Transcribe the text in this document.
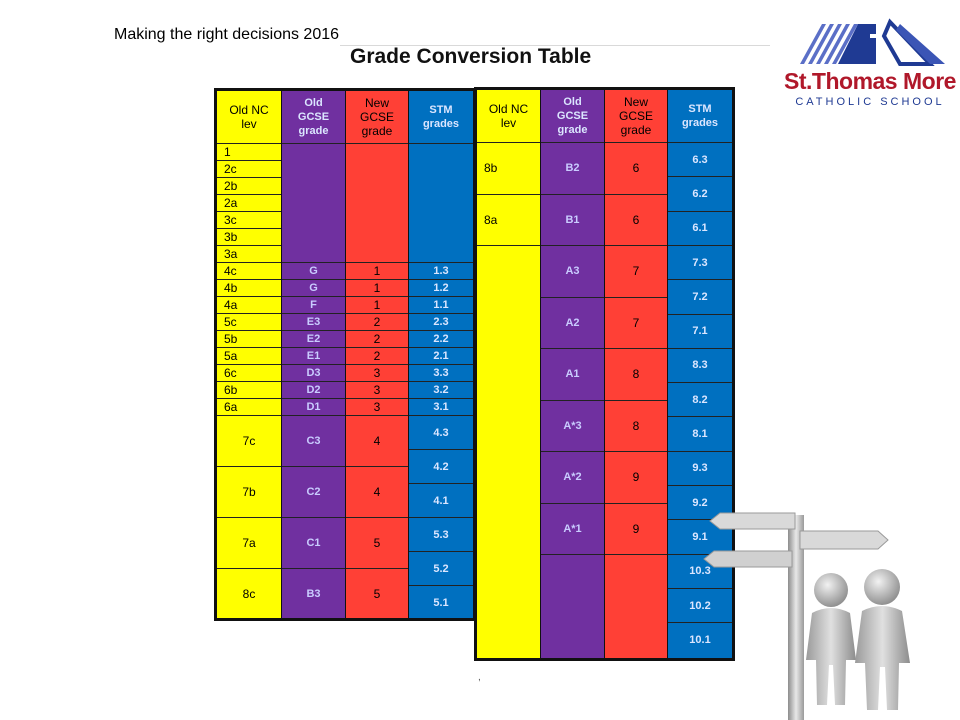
Making the right decisions 2016
Grade Conversion Table
St.Thomas More
CATHOLIC SCHOOL
Old NC
lev
1
2c
2b
2a
3c
3b
3a
4c
4b
4a
5c
5b
5a
6c
6b
6a
7c
7b
7a
8c
Old
GCSE
grade
G
G
F
E3
E2
E1
D3
D2
D1
C3
C2
C1
B3
New
GCSE
grade
1
1
1
2
2
2
3
3
3
4
4
5
5
STM
grades
1.3
1.2
1.1
2.3
2.2
2.1
3.3
3.2
3.1
4.3
4.2
4.1
5.3
5.2
5.1
Old NC
lev
8b
8a
Old
GCSE
grade
B2
B1
A3
A2
A1
A*3
A*2
A*1
New
GCSE
grade
6
6
7
7
8
8
9
9
STM
grades
6.3
6.2
6.1
7.3
7.2
7.1
8.3
8.2
8.1
9.3
9.2
9.1
10.3
10.2
10.1
,
